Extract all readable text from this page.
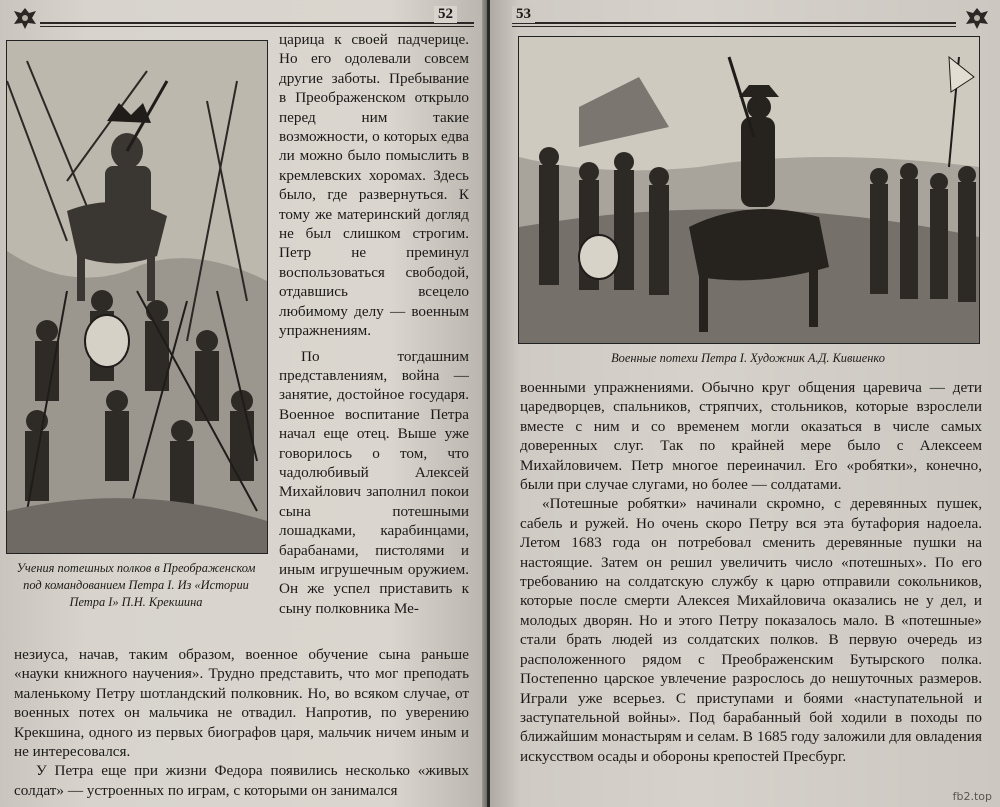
52
Учения потешных полков в Преображенском под командованием Петра I. Из «Истории Петра I» П.Н. Крекшина

царица к своей падчерице. Но его одолевали совсем другие заботы. Пребывание в Преображенском открыло перед ним такие возможности, о которых едва ли можно было помыслить в кремлевских хоромах. Здесь было, где развернуться. К тому же материнский догляд не был слишком строгим. Петр не преминул воспользоваться свободой, отдавшись всецело любимому делу — военным упражнениям.

По тогдашним представлениям, война — занятие, достойное государя. Военное воспитание Петра начал еще отец. Выше уже говорилось о том, что чадолюбивый Алексей Михайлович заполнил покои сына потешными лошадками, карабинцами, барабанами, пистолями и иным игрушечным оружием. Он же успел приставить к сыну полковника Ме-

незиуса, начав, таким образом, военное обучение сына раньше «науки книжного научения». Трудно представить, что мог преподать маленькому Петру шотландский полковник. Но, во всяком случае, от военных потех он мальчика не отвадил. Напротив, по уверению Крекшина, одного из первых биографов царя, мальчик ничем иным и не интересовался.

У Петра еще при жизни Федора появились несколько «живых солдат» — устроенных по играм, с которыми он занимался

53
Военные потехи Петра I. Художник А.Д. Кившенко

военными упражнениями. Обычно круг общения царевича — дети царедворцев, спальников, стряпчих, стольников, которые взрослели вместе с ним и со временем могли оказаться в числе самых доверенных слуг. Так по крайней мере было с Алексеем Михайловичем. Петр многое переиначил. Его «робятки», конечно, были при случае слугами, но более — солдатами.

«Потешные робятки» начинали скромно, с деревянных пушек, сабель и ружей. Но очень скоро Петру вся эта бутафория надоела. Летом 1683 года он потребовал сменить деревянные пушки на настоящие. Затем он решил увеличить число «потешных». По его требованию на солдатскую службу к царю отправили сокольников, которые после смерти Алексея Михайловича оказались не у дел, и молодых дворян. Но и этого Петру показалось мало. В «потешные» стали брать людей из солдатских полков. В первую очередь из расположенного рядом с Преображенским Бутырского полка. Постепенно царское увлечение разрослось до нешуточных размеров. Играли уже всерьез. С приступами и боями «наступательной и заступательной войны». Под барабанный бой ходили в походы по ближайшим монастырям и селам. В 1685 году заложили для овладения искусством осады и обороны крепостей Пресбург.

fb2.top
